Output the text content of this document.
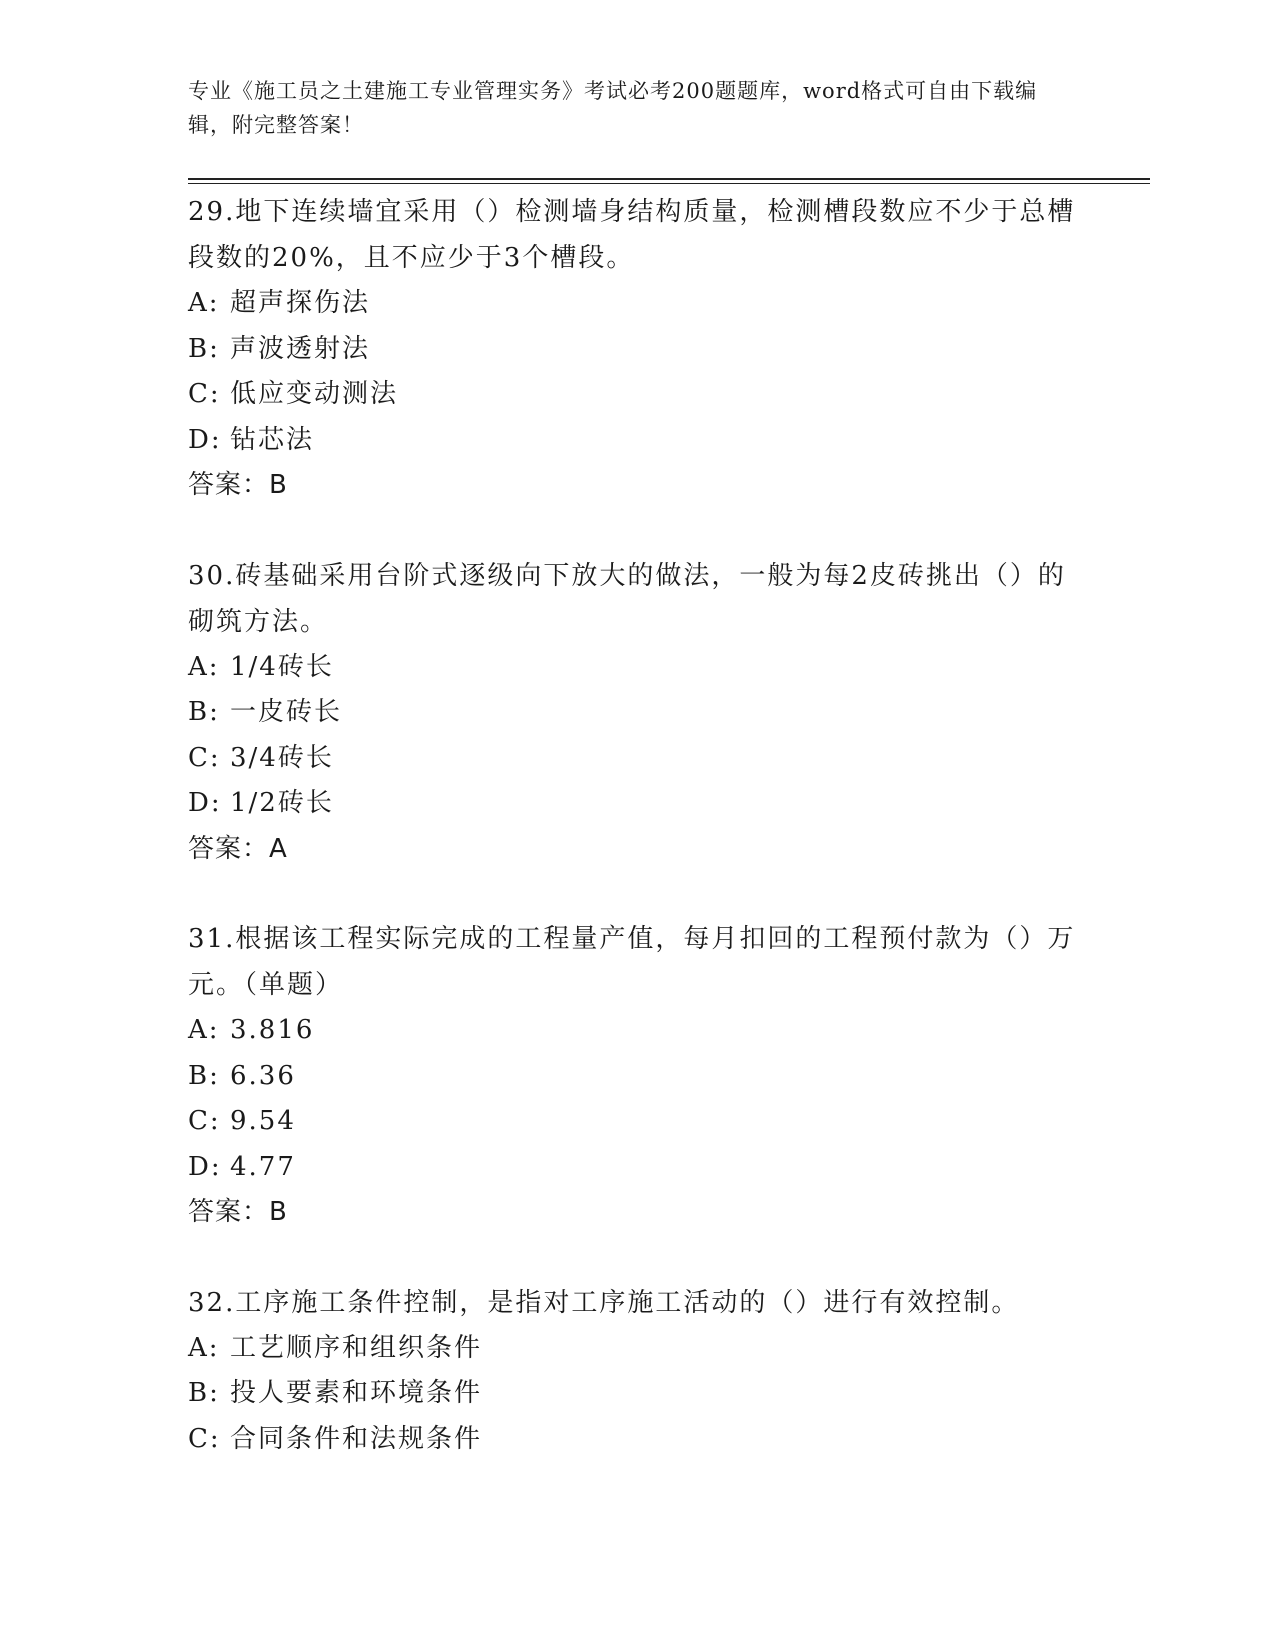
专业《施工员之土建施工专业管理实务》考试必考200题题库，word格式可自由下载编辑，附完整答案！
29.地下连续墙宜采用（）检测墙身结构质量，检测槽段数应不少于总槽段数的20%，且不应少于3个槽段。
A: 超声探伤法
B: 声波透射法
C: 低应变动测法
D: 钻芯法
答案：B
30.砖基础采用台阶式逐级向下放大的做法，一般为每2皮砖挑出（）的砌筑方法。
A: 1/4砖长
B: 一皮砖长
C: 3/4砖长
D: 1/2砖长
答案：A
31.根据该工程实际完成的工程量产值，每月扣回的工程预付款为（）万元。（单题）
A: 3.816
B: 6.36
C: 9.54
D: 4.77
答案：B
32.工序施工条件控制，是指对工序施工活动的（）进行有效控制。
A: 工艺顺序和组织条件
B: 投人要素和环境条件
C: 合同条件和法规条件
